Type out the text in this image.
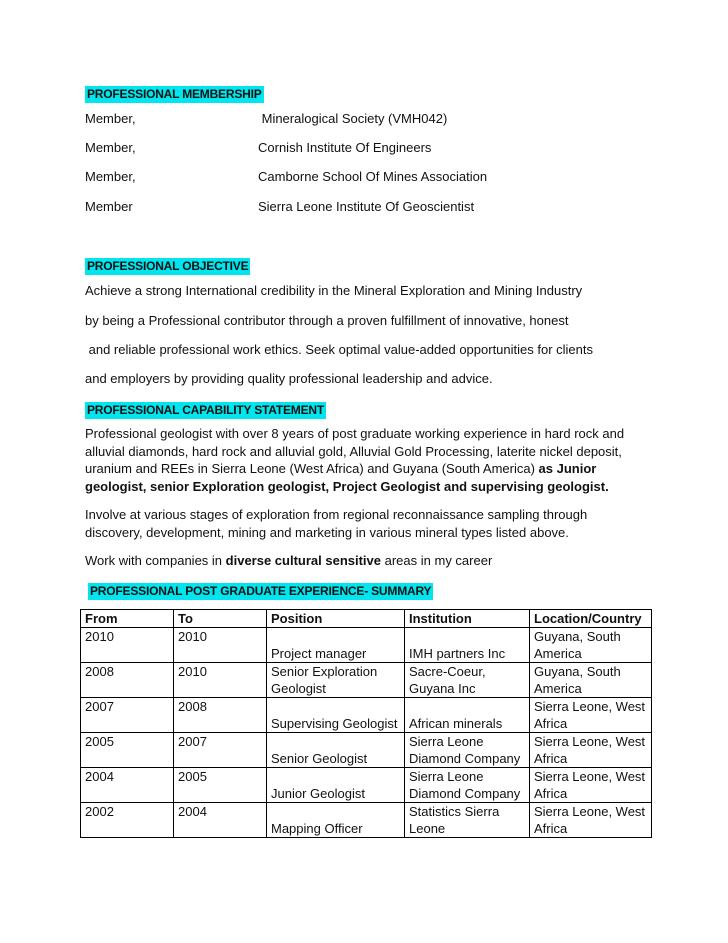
PROFESSIONAL MEMBERSHIP
Member,	Mineralogical Society (VMH042)
Member,	Cornish Institute Of Engineers
Member,	Camborne School Of Mines Association
Member	Sierra Leone Institute Of Geoscientist
PROFESSIONAL OBJECTIVE
Achieve a strong International credibility in the Mineral Exploration and Mining Industry
by being a Professional contributor through a proven fulfillment of innovative, honest
and reliable professional work ethics. Seek optimal value-added opportunities for clients
and employers by providing quality professional leadership and advice.
PROFESSIONAL CAPABILITY STATEMENT
Professional geologist with over 8 years of post graduate working experience in hard rock and alluvial diamonds, hard rock and alluvial gold, Alluvial Gold Processing, laterite nickel deposit, uranium and REEs in Sierra Leone (West Africa) and Guyana (South America) as Junior geologist, senior Exploration geologist, Project Geologist and supervising geologist.
Involve at various stages of exploration from regional reconnaissance sampling through discovery, development, mining and marketing in various mineral types listed above.
Work with companies in diverse cultural sensitive areas in my career
PROFESSIONAL POST GRADUATE EXPERIENCE- SUMMARY
From	To	Position	Institution	Location/Country
2010	2010	Project manager	IMH partners Inc	Guyana, South America
2008	2010	Senior Exploration Geologist	Sacre-Coeur, Guyana Inc	Guyana, South America
2007	2008	Supervising Geologist	African minerals	Sierra Leone, West Africa
2005	2007	Senior Geologist	Sierra Leone Diamond Company	Sierra Leone, West Africa
2004	2005	Junior Geologist	Sierra Leone Diamond Company	Sierra Leone, West Africa
2002	2004	Mapping Officer	Statistics Sierra Leone	Sierra Leone, West Africa
